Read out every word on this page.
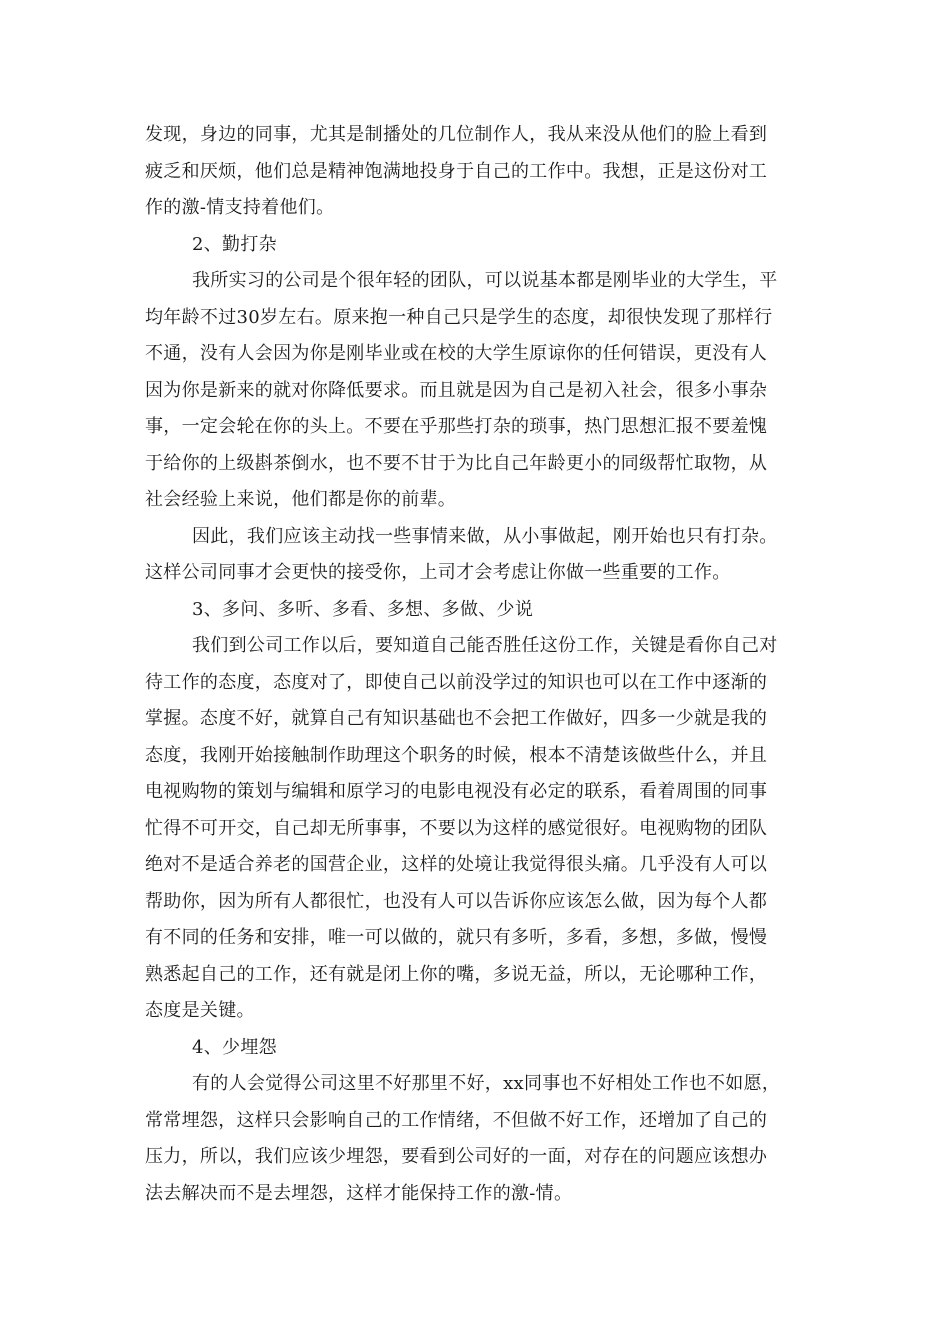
发现，身边的同事，尤其是制播处的几位制作人，我从来没从他们的脸上看到
疲乏和厌烦，他们总是精神饱满地投身于自己的工作中。我想，正是这份对工
作的激-情支持着他们。
2、勤打杂
我所实习的公司是个很年轻的团队，可以说基本都是刚毕业的大学生，平
均年龄不过30岁左右。原来抱一种自己只是学生的态度，却很快发现了那样行
不通，没有人会因为你是刚毕业或在校的大学生原谅你的任何错误，更没有人
因为你是新来的就对你降低要求。而且就是因为自己是初入社会，很多小事杂
事，一定会轮在你的头上。不要在乎那些打杂的琐事，热门思想汇报不要羞愧
于给你的上级斟茶倒水，也不要不甘于为比自己年龄更小的同级帮忙取物，从
社会经验上来说，他们都是你的前辈。
因此，我们应该主动找一些事情来做，从小事做起，刚开始也只有打杂。
这样公司同事才会更快的接受你，上司才会考虑让你做一些重要的工作。
3、多问、多听、多看、多想、多做、少说
我们到公司工作以后，要知道自己能否胜任这份工作，关键是看你自己对
待工作的态度，态度对了，即使自己以前没学过的知识也可以在工作中逐渐的
掌握。态度不好，就算自己有知识基础也不会把工作做好，四多一少就是我的
态度，我刚开始接触制作助理这个职务的时候，根本不清楚该做些什么，并且
电视购物的策划与编辑和原学习的电影电视没有必定的联系，看着周围的同事
忙得不可开交，自己却无所事事，不要以为这样的感觉很好。电视购物的团队
绝对不是适合养老的国营企业，这样的处境让我觉得很头痛。几乎没有人可以
帮助你，因为所有人都很忙，也没有人可以告诉你应该怎么做，因为每个人都
有不同的任务和安排，唯一可以做的，就只有多听，多看，多想，多做，慢慢
熟悉起自己的工作，还有就是闭上你的嘴，多说无益，所以，无论哪种工作，
态度是关键。
4、少埋怨
有的人会觉得公司这里不好那里不好，xx同事也不好相处工作也不如愿，
常常埋怨，这样只会影响自己的工作情绪，不但做不好工作，还增加了自己的
压力，所以，我们应该少埋怨，要看到公司好的一面，对存在的问题应该想办
法去解决而不是去埋怨，这样才能保持工作的激-情。
